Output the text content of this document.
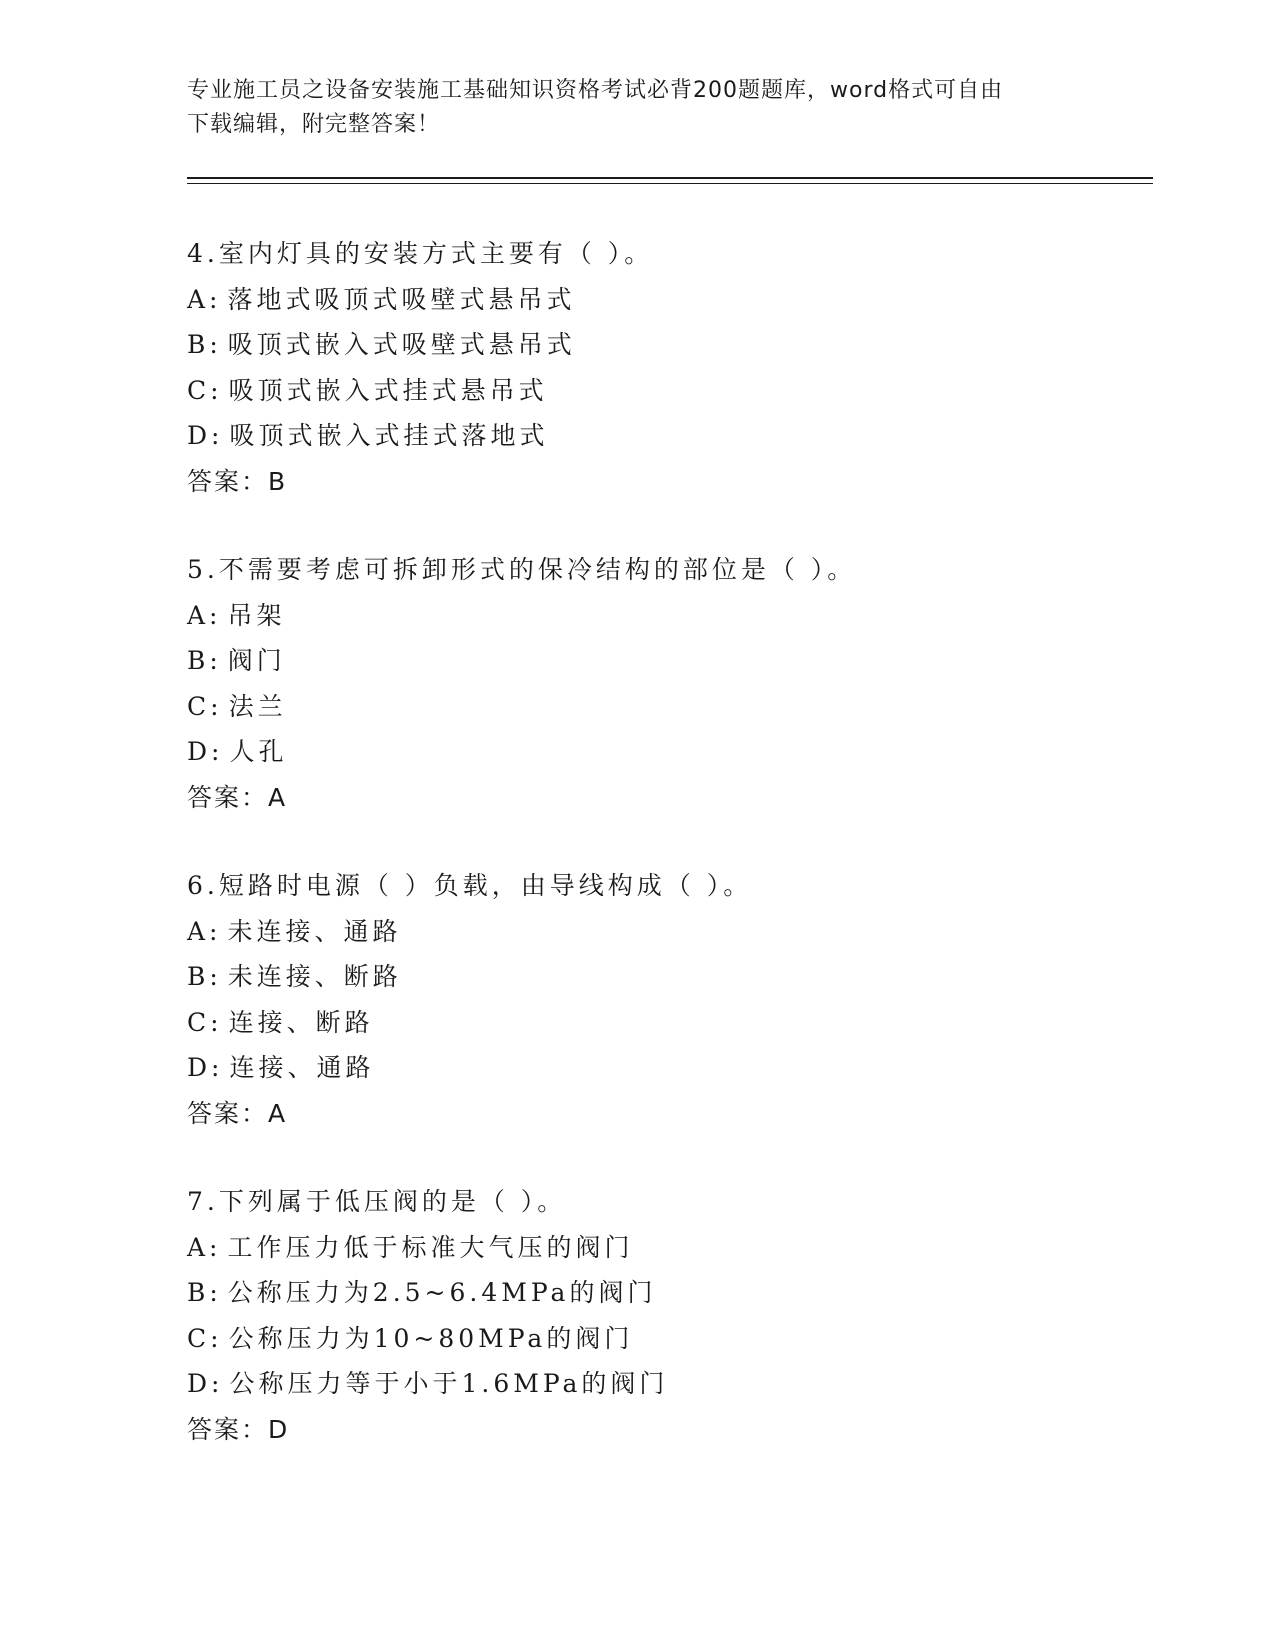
专业施工员之设备安装施工基础知识资格考试必背200题题库，word格式可自由
下载编辑，附完整答案！
4.室内灯具的安装方式主要有（ ）。
A: 落地式吸顶式吸壁式悬吊式
B: 吸顶式嵌入式吸壁式悬吊式
C: 吸顶式嵌入式挂式悬吊式
D: 吸顶式嵌入式挂式落地式
答案：B
5.不需要考虑可拆卸形式的保冷结构的部位是（ ）。
A: 吊架
B: 阀门
C: 法兰
D: 人孔
答案：A
6.短路时电源（ ）负载，由导线构成（ ）。
A: 未连接、通路
B: 未连接、断路
C: 连接、断路
D: 连接、通路
答案：A
7.下列属于低压阀的是（ ）。
A: 工作压力低于标准大气压的阀门
B: 公称压力为2.5~6.4MPa的阀门
C: 公称压力为10~80MPa的阀门
D: 公称压力等于小于1.6MPa的阀门
答案：D
